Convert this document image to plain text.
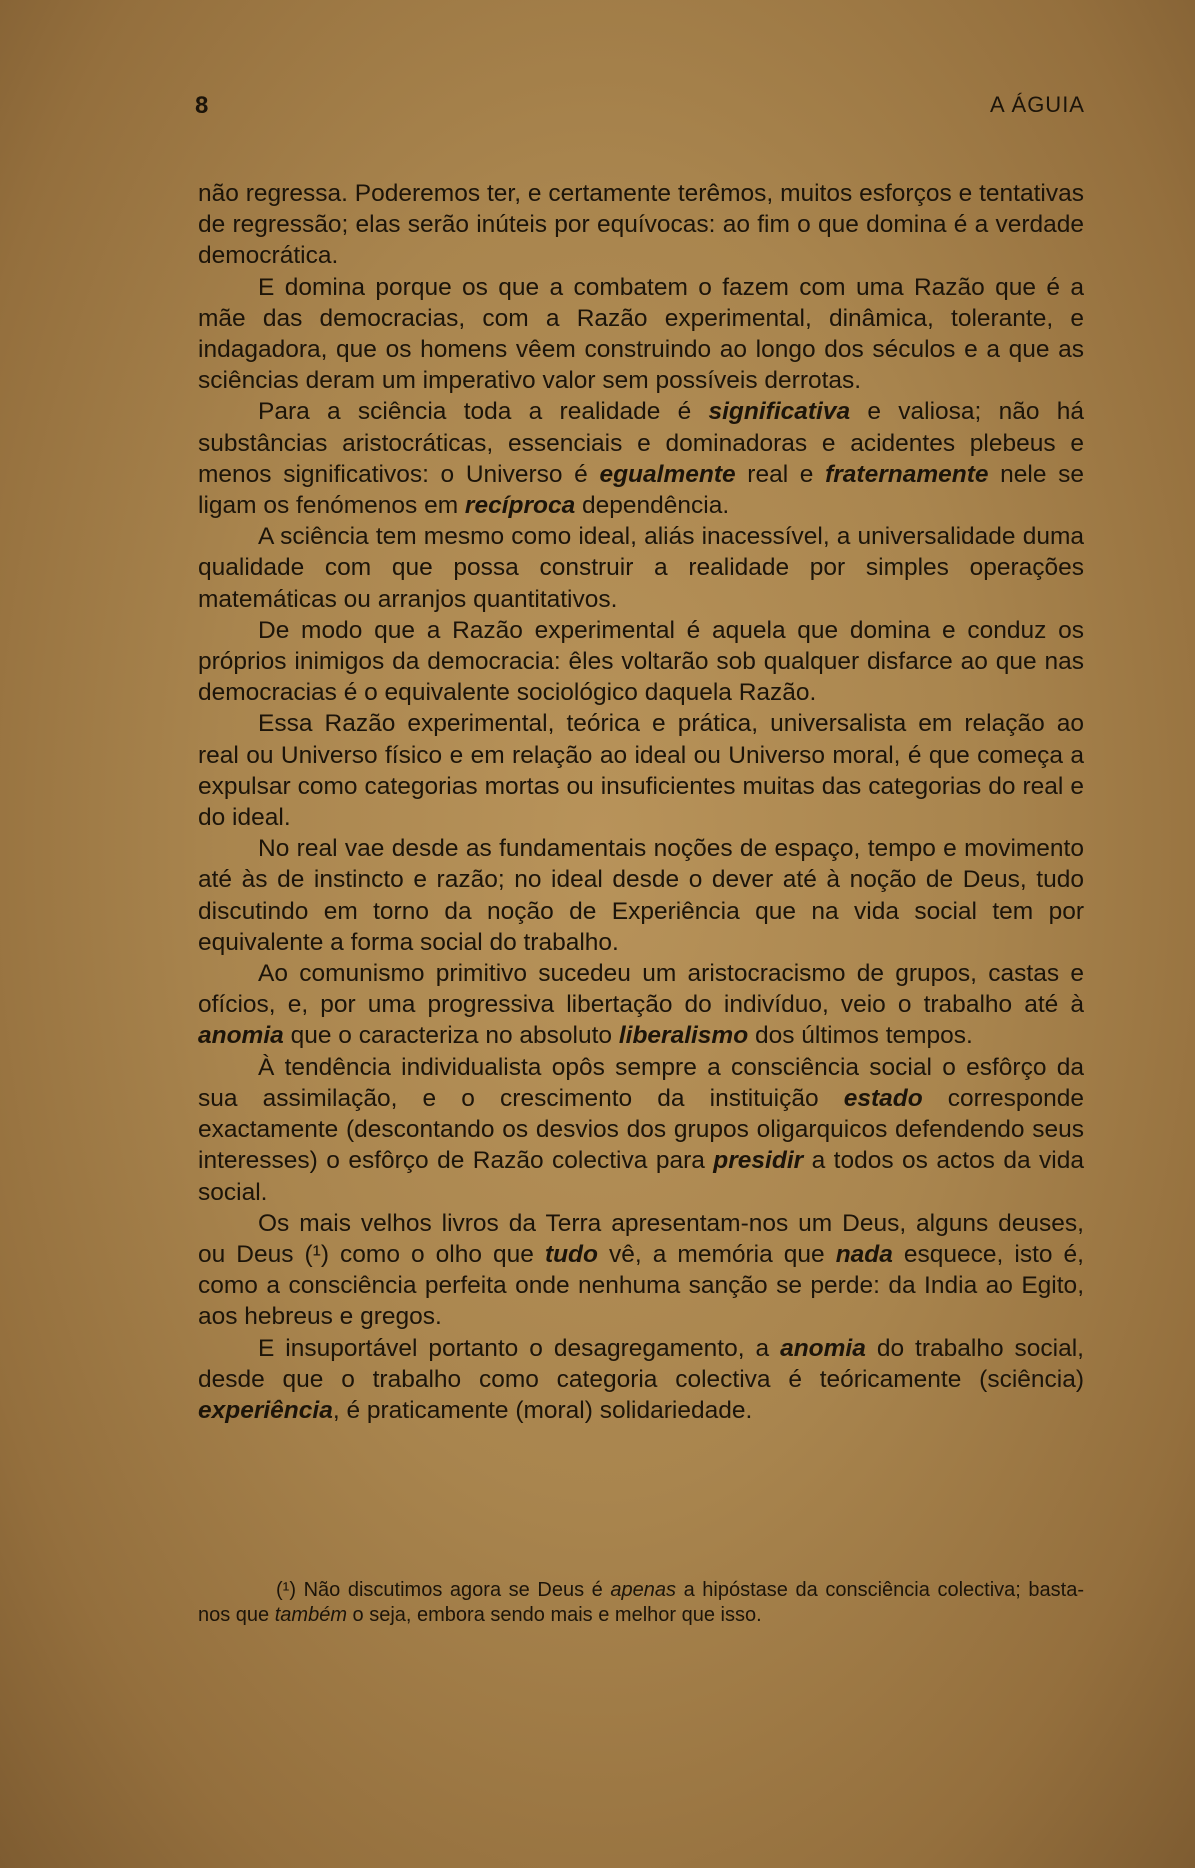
8	A ÁGUIA

não regressa. Poderemos ter, e certamente terêmos, muitos esforços e tentativas de regressão; elas serão inúteis por equívocas: ao fim o que domina é a verdade democrática.

E domina porque os que a combatem o fazem com uma Razão que é a mãe das democracias, com a Razão experimental, dinâmica, tolerante, e indagadora, que os homens vêem construindo ao longo dos séculos e a que as sciências deram um imperativo valor sem possíveis derrotas.

Para a sciência toda a realidade é significativa e valiosa; não há substâncias aristocráticas, essenciais e dominadoras e acidentes plebeus e menos significativos: o Universo é egualmente real e fraternamente nele se ligam os fenómenos em recíproca dependência.

A sciência tem mesmo como ideal, aliás inacessível, a universalidade duma qualidade com que possa construir a realidade por simples operações matemáticas ou arranjos quantitativos.

De modo que a Razão experimental é aquela que domina e conduz os próprios inimigos da democracia: êles voltarão sob qualquer disfarce ao que nas democracias é o equivalente sociológico daquela Razão.

Essa Razão experimental, teórica e prática, universalista em relação ao real ou Universo físico e em relação ao ideal ou Universo moral, é que começa a expulsar como categorias mortas ou insuficientes muitas das categorias do real e do ideal.

No real vae desde as fundamentais noções de espaço, tempo e movimento até às de instincto e razão; no ideal desde o dever até à noção de Deus, tudo discutindo em torno da noção de Experiência que na vida social tem por equivalente a forma social do trabalho.

Ao comunismo primitivo sucedeu um aristocracismo de grupos, castas e ofícios, e, por uma progressiva libertação do indivíduo, veio o trabalho até à anomia que o caracteriza no absoluto liberalismo dos últimos tempos.

À tendência individualista opôs sempre a consciência social o esfôrço da sua assimilação, e o crescimento da instituição estado corresponde exactamente (descontando os desvios dos grupos oligarquicos defendendo seus interesses) o esfôrço de Razão colectiva para presidir a todos os actos da vida social.

Os mais velhos livros da Terra apresentam-nos um Deus, alguns deuses, ou Deus (¹) como o olho que tudo vê, a memória que nada esquece, isto é, como a consciência perfeita onde nenhuma sanção se perde: da India ao Egito, aos hebreus e gregos.

E insuportável portanto o desagregamento, a anomia do trabalho social, desde que o trabalho como categoria colectiva é teóricamente (sciência) experiência, é praticamente (moral) solidariedade.

(¹) Não discutimos agora se Deus é apenas a hipóstase da consciência colectiva; basta-nos que também o seja, embora sendo mais e melhor que isso.
